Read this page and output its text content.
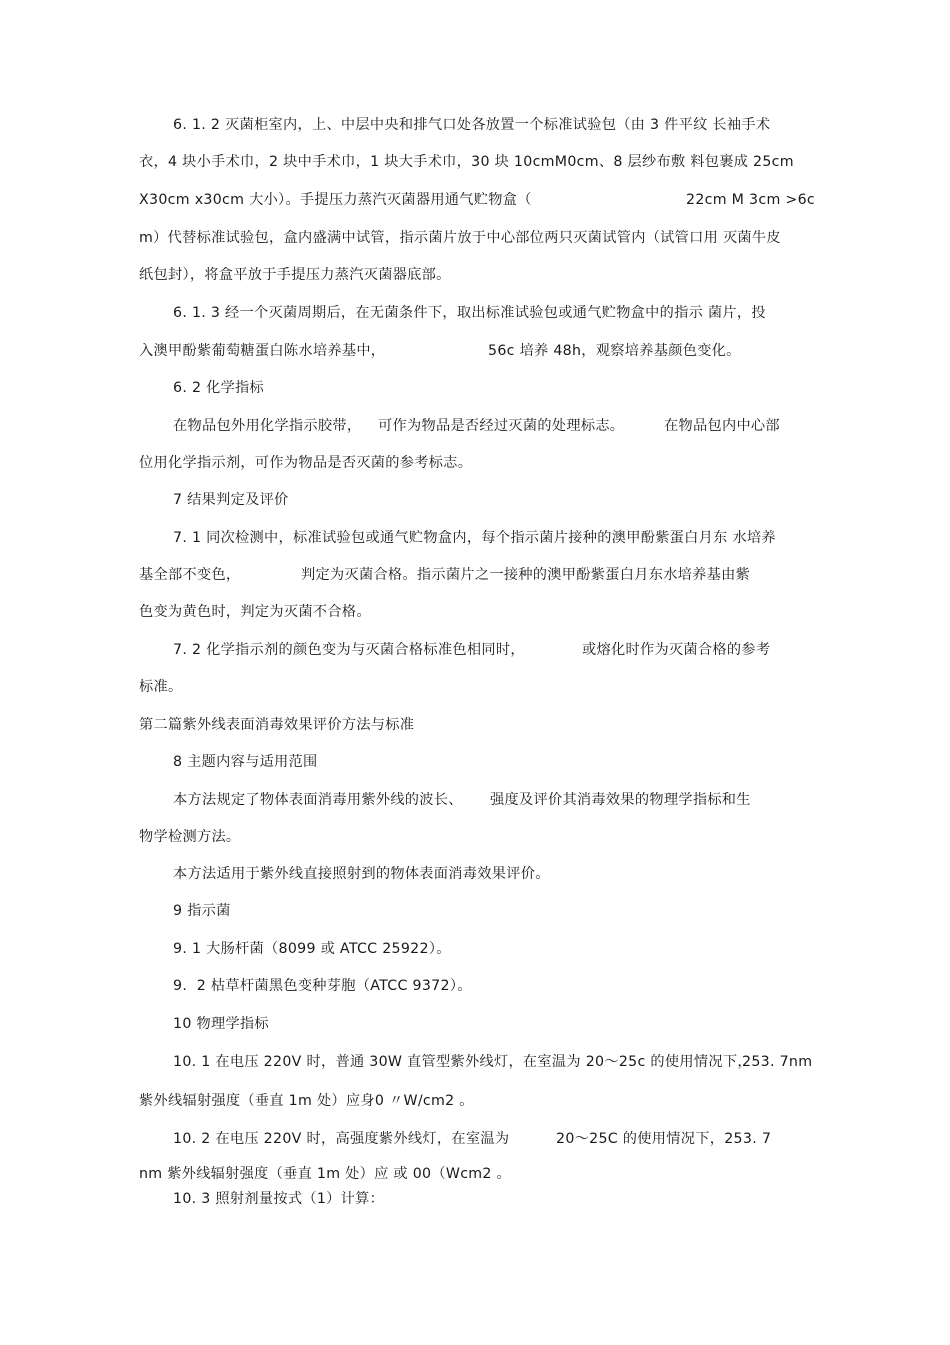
6. 1. 2 灭菌柜室内，上、中层中央和排气口处各放置一个标准试验包（由 3 件平纹 长袖手术
衣，4 块小手术巾，2 块中手术巾，1 块大手术巾，30 块 10cmM0cm、8 层纱布敷 料包裹成 25cm
X30cm x30cm 大小）。手提压力蒸汽灭菌器用通气贮物盒（	22cm M 3cm >6c
m）代替标准试验包，盒内盛满中试管，指示菌片放于中心部位两只灭菌试管内（试管口用 灭菌牛皮
纸包封），将盒平放于手提压力蒸汽灭菌器底部。
6. 1. 3 经一个灭菌周期后，在无菌条件下，取出标准试验包或通气贮物盒中的指示 菌片，投
入澳甲酚紫葡萄糖蛋白陈水培养基中，	56c 培养 48h，观察培养基颜色变化。
6. 2 化学指标
在物品包外用化学指示胶带， 可作为物品是否经过灭菌的处理标志。	在物品包内中心部
位用化学指示剂，可作为物品是否灭菌的参考标志。
7 结果判定及评价
7. 1 同次检测中，标准试验包或通气贮物盒内，每个指示菌片接种的澳甲酚紫蛋白月东 水培养
基全部不变色，	判定为灭菌合格。指示菌片之一接种的澳甲酚紫蛋白月东水培养基由紫
色变为黄色时，判定为灭菌不合格。
7. 2 化学指示剂的颜色变为与灭菌合格标准色相同时，	或熔化时作为灭菌合格的参考
标准。
第二篇紫外线表面消毒效果评价方法与标准
8 主题内容与适用范围
本方法规定了物体表面消毒用紫外线的波长、 强度及评价其消毒效果的物理学指标和生
物学检测方法。
本方法适用于紫外线直接照射到的物体表面消毒效果评价。
9 指示菌
9. 1 大肠杆菌（8099 或 ATCC 25922）。
9.  2 枯草杆菌黑色变种芽胞（ATCC 9372）。
10 物理学指标
10. 1 在电压 220V 时，普通 30W 直管型紫外线灯，在室温为 20〜25c 的使用情况下，
253. 7nm
紫外线辐射强度（垂直 1m 处）应身0 〃W/cm2 。
10. 2 在电压 220V 时，高强度紫外线灯，在室温为	20〜25C 的使用情况下，253. 7
nm 紫外线辐射强度（垂直 1m 处）应 或 00（Wcm2 。
10. 3 照射剂量按式（1）计算：
